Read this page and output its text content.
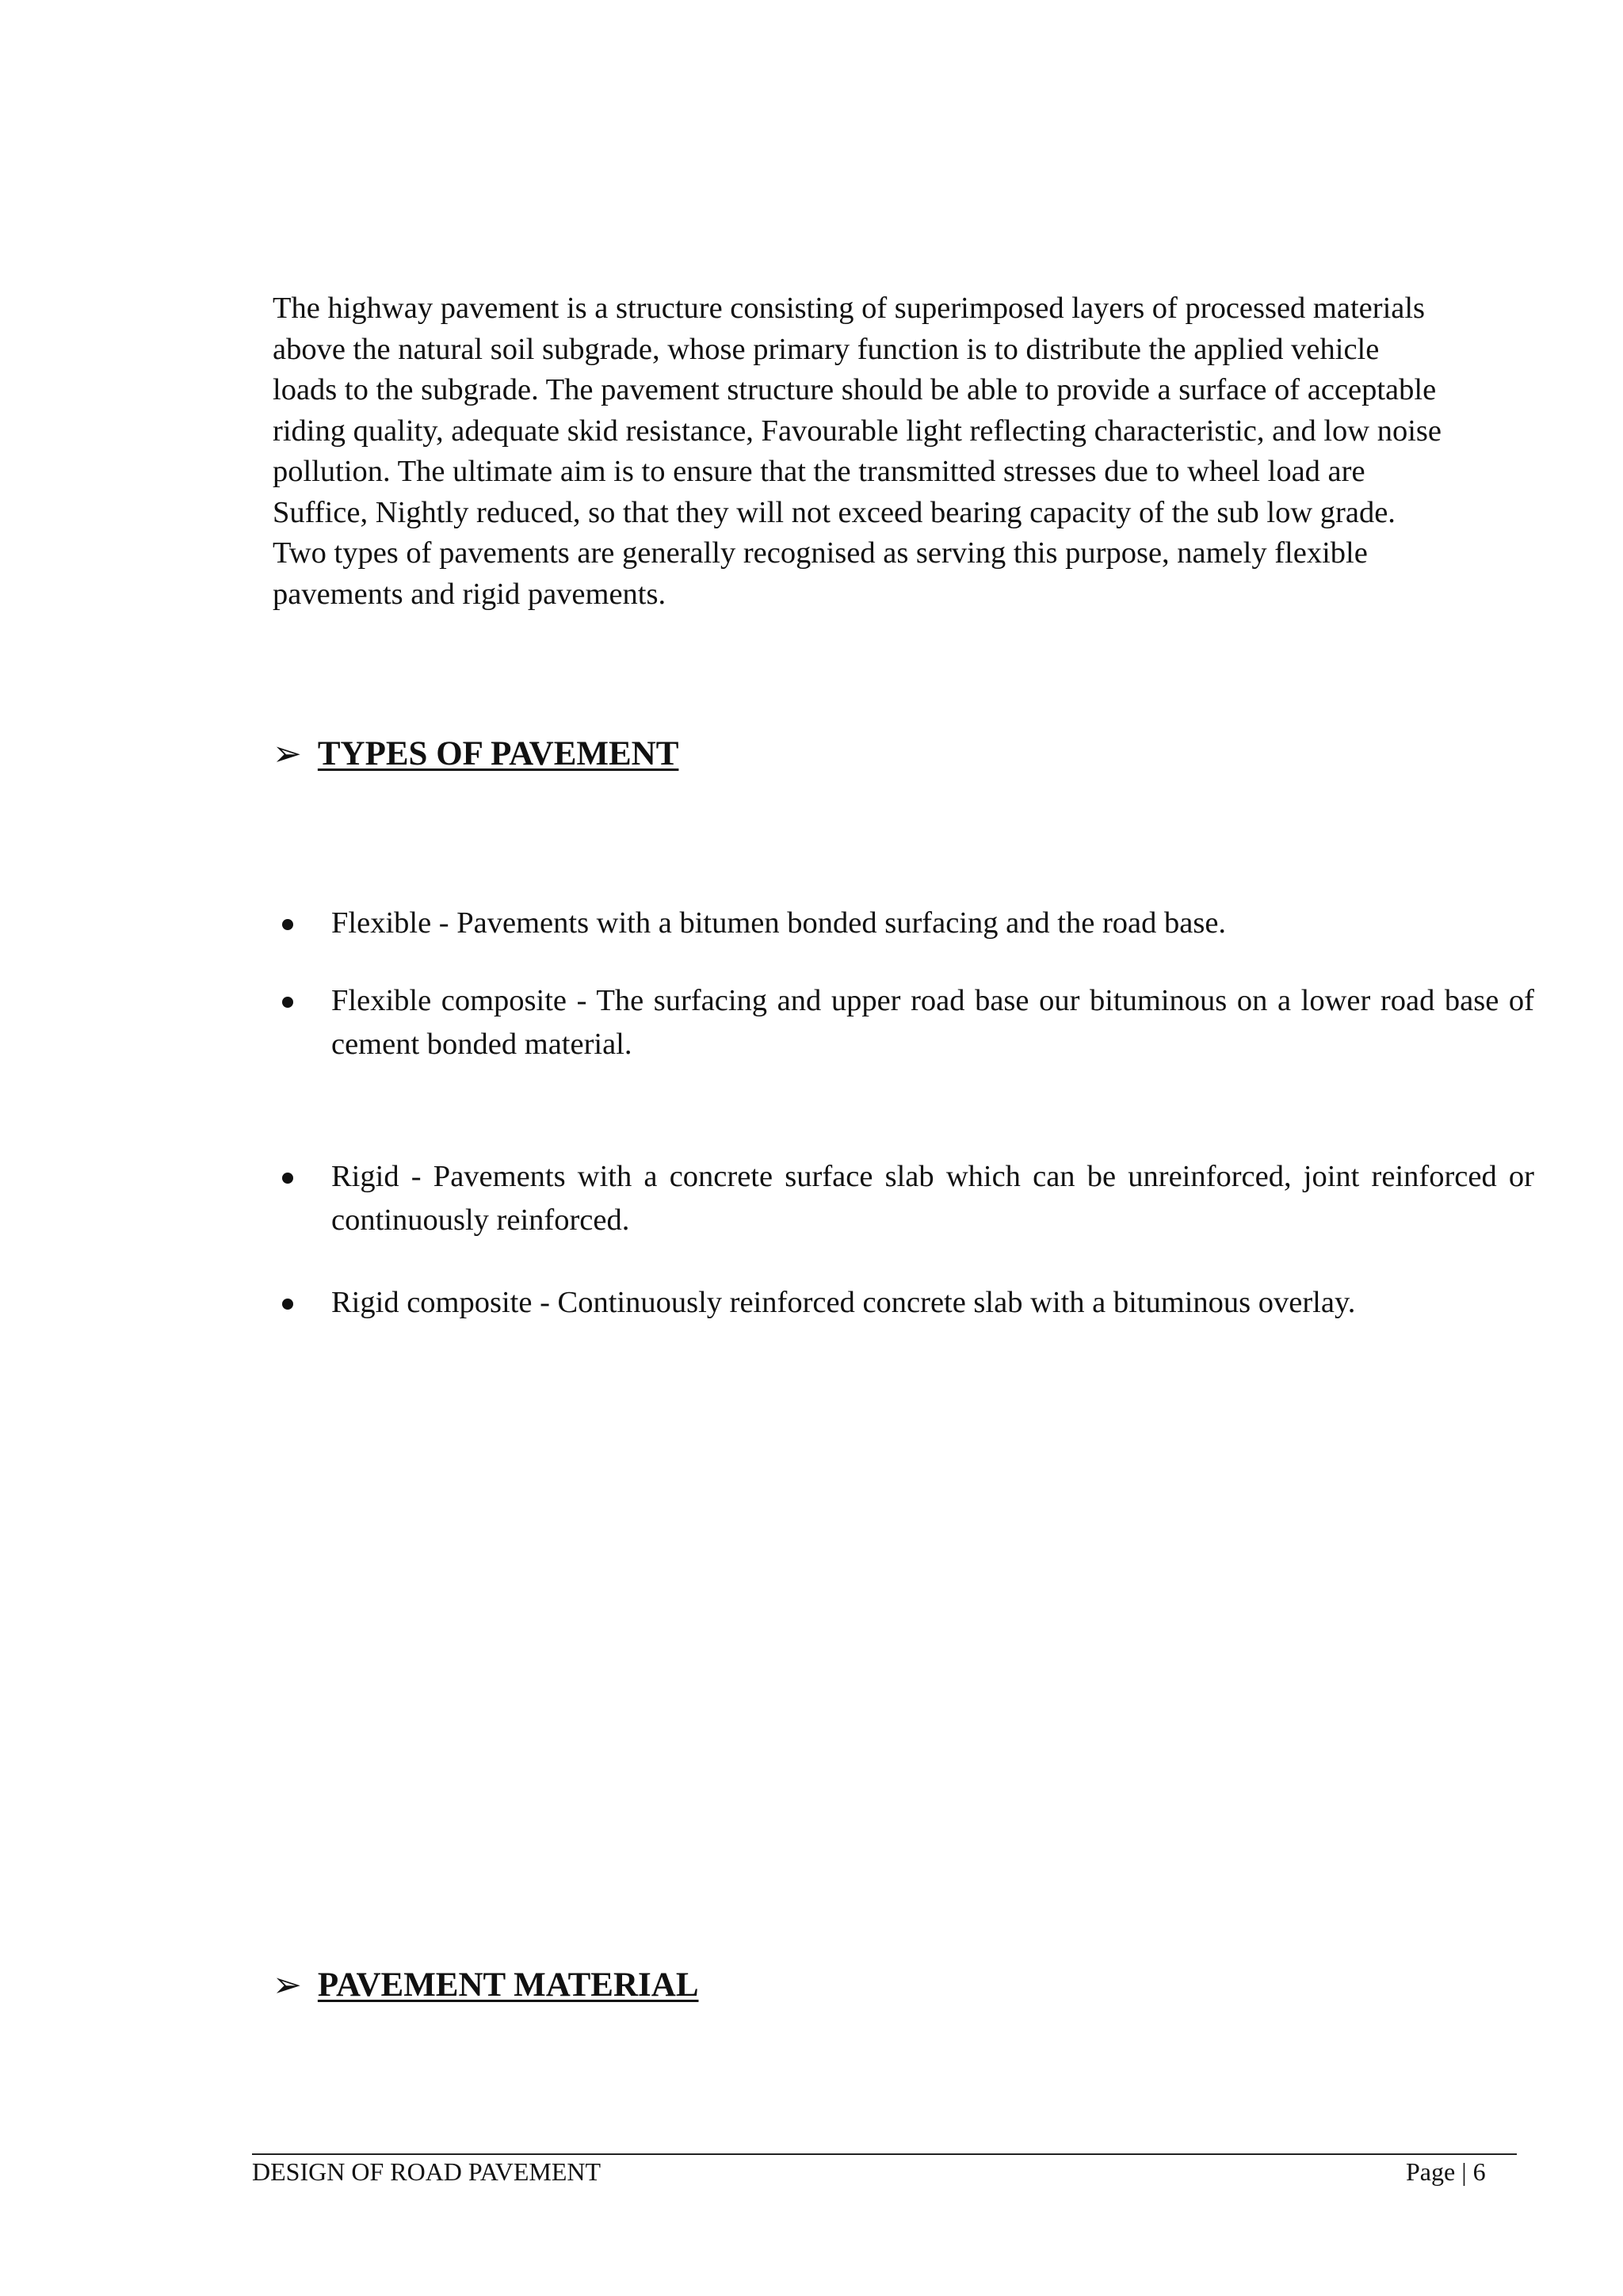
The highway pavement is a structure consisting of superimposed layers of processed materials

above the natural soil subgrade, whose primary function is to distribute the applied vehicle

loads to the subgrade. The pavement structure should be able to provide a surface of acceptable

riding quality, adequate skid resistance, Favourable light reflecting characteristic, and low noise

pollution. The ultimate aim is to ensure that the transmitted stresses due to wheel load are

Suffice, Nightly reduced, so that they will not exceed bearing capacity of the sub low grade.

Two types of pavements are generally recognised as serving this purpose, namely flexible

pavements and rigid pavements.

➢ TYPES OF PAVEMENT
Flexible - Pavements with a bitumen bonded surfacing and the road base.
Flexible composite - The surfacing and upper road base our bituminous on a lower road base of cement bonded material.
Rigid - Pavements with a concrete surface slab which can be unreinforced, joint reinforced or continuously reinforced.
Rigid composite - Continuously reinforced concrete slab with a bituminous overlay.
➢ PAVEMENT MATERIAL
DESIGN OF ROAD PAVEMENT	Page | 6
